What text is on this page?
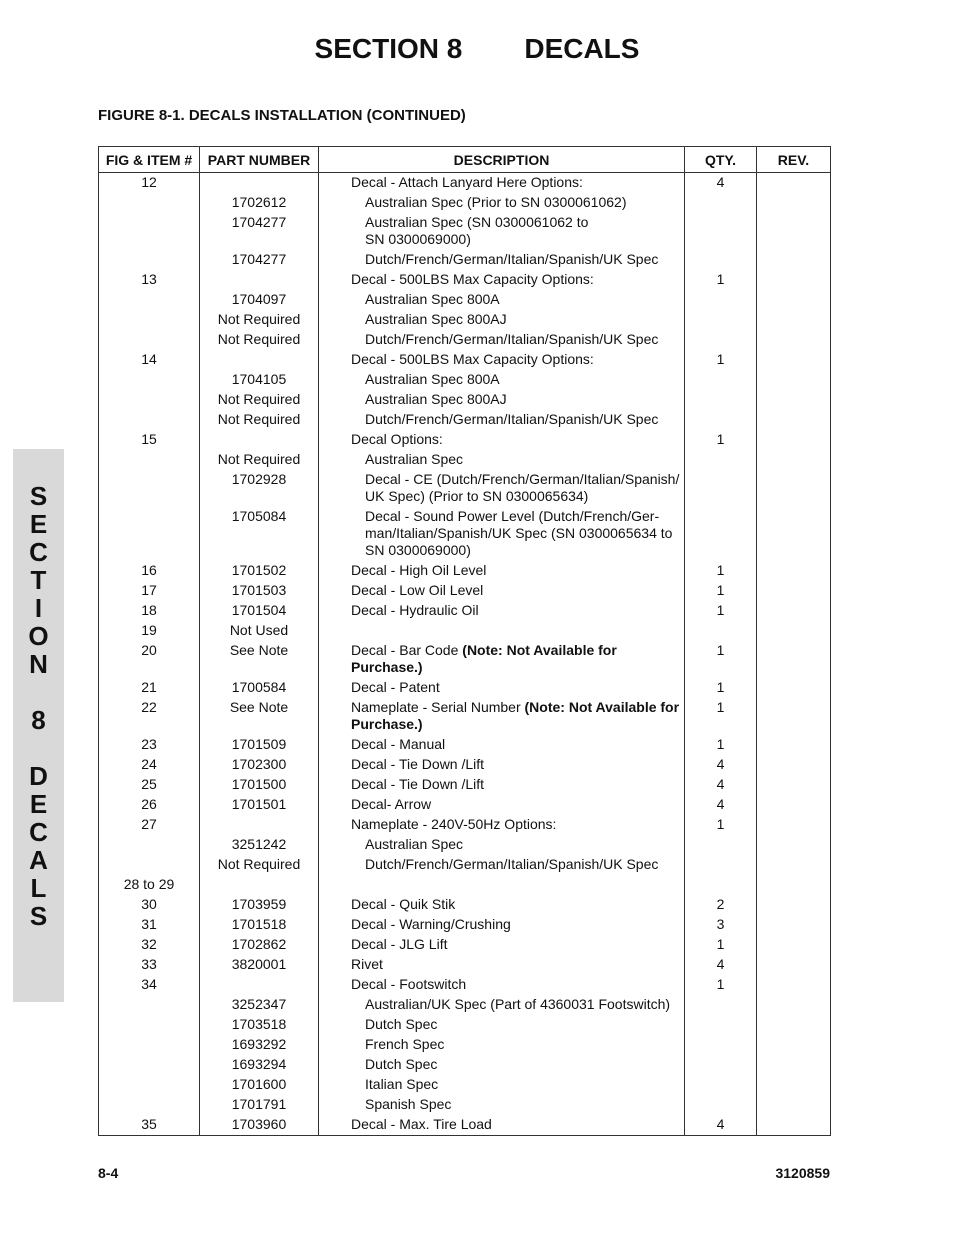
SECTION 8 DECALS
FIGURE 8-1. DECALS INSTALLATION (CONTINUED)
S
E
C
T
I
O
N
8
D
E
C
A
L
S
FIG & ITEM #	PART NUMBER	DESCRIPTION	QTY.	REV.
12		Decal - Attach Lanyard Here Options:	4	
	1702612	Australian Spec (Prior to SN 0300061062)		
	1704277	Australian Spec (SN 0300061062 to
SN 0300069000)		
	1704277	Dutch/French/German/Italian/Spanish/UK Spec		
13		Decal - 500LBS Max Capacity Options:	1	
	1704097	Australian Spec 800A		
	Not Required	Australian Spec 800AJ		
	Not Required	Dutch/French/German/Italian/Spanish/UK Spec		
14		Decal - 500LBS Max Capacity Options:	1	
	1704105	Australian Spec 800A		
	Not Required	Australian Spec 800AJ		
	Not Required	Dutch/French/German/Italian/Spanish/UK Spec		
15		Decal Options:	1	
	Not Required	Australian Spec		
	1702928	Decal - CE (Dutch/French/German/Italian/Spanish/
UK Spec) (Prior to SN 0300065634)		
	1705084	Decal - Sound Power Level (Dutch/French/Ger-
man/Italian/Spanish/UK Spec (SN 0300065634 to
SN 0300069000)		
16	1701502	Decal - High Oil Level	1	
17	1701503	Decal - Low Oil Level	1	
18	1701504	Decal - Hydraulic Oil	1	
19	Not Used			
20	See Note	Decal - Bar Code (Note: Not Available for
Purchase.)	1	
21	1700584	Decal - Patent	1	
22	See Note	Nameplate - Serial Number (Note: Not Available for
Purchase.)	1	
23	1701509	Decal - Manual	1	
24	1702300	Decal - Tie Down /Lift	4	
25	1701500	Decal - Tie Down /Lift	4	
26	1701501	Decal- Arrow	4	
27		Nameplate - 240V-50Hz Options:	1	
	3251242	Australian Spec		
	Not Required	Dutch/French/German/Italian/Spanish/UK Spec		
28 to 29				
30	1703959	Decal - Quik Stik	2	
31	1701518	Decal - Warning/Crushing	3	
32	1702862	Decal - JLG Lift	1	
33	3820001	Rivet	4	
34		Decal - Footswitch	1	
	3252347	Australian/UK Spec (Part of 4360031 Footswitch)		
	1703518	Dutch Spec		
	1693292	French Spec		
	1693294	Dutch Spec		
	1701600	Italian Spec		
	1701791	Spanish Spec		
35	1703960	Decal - Max. Tire Load	4	
8-4	3120859
